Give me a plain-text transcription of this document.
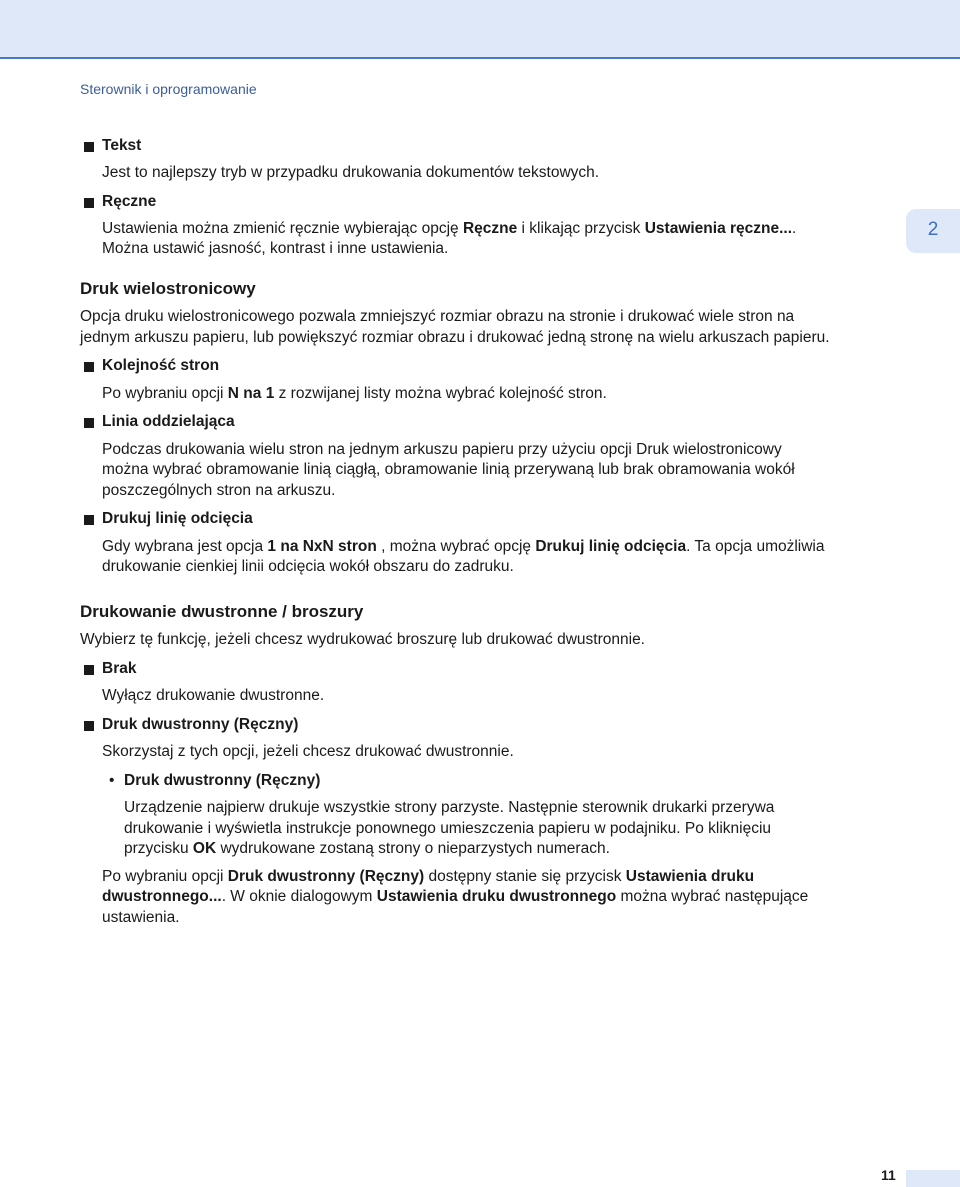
Sterownik i oprogramowanie
2

Tekst

Jest to najlepszy tryb w przypadku drukowania dokumentów tekstowych.

Ręczne

Ustawienia można zmienić ręcznie wybierając opcję Ręczne i klikając przycisk Ustawienia ręczne....
Można ustawić jasność, kontrast i inne ustawienia.

Druk wielostronicowy

Opcja druku wielostronicowego pozwala zmniejszyć rozmiar obrazu na stronie i drukować wiele stron na
jednym arkuszu papieru, lub powiększyć rozmiar obrazu i drukować jedną stronę na wielu arkuszach papieru.

Kolejność stron

Po wybraniu opcji N na 1 z rozwijanej listy można wybrać kolejność stron.

Linia oddzielająca

Podczas drukowania wielu stron na jednym arkuszu papieru przy użyciu opcji Druk wielostronicowy
można wybrać obramowanie linią ciągłą, obramowanie linią przerywaną lub brak obramowania wokół
poszczególnych stron na arkuszu.

Drukuj linię odcięcia

Gdy wybrana jest opcja 1 na NxN stron , można wybrać opcję Drukuj linię odcięcia. Ta opcja umożliwia
drukowanie cienkiej linii odcięcia wokół obszaru do zadruku.

Drukowanie dwustronne / broszury

Wybierz tę funkcję, jeżeli chcesz wydrukować broszurę lub drukować dwustronnie.

Brak

Wyłącz drukowanie dwustronne.

Druk dwustronny (Ręczny)

Skorzystaj z tych opcji, jeżeli chcesz drukować dwustronnie.

• Druk dwustronny (Ręczny)

Urządzenie najpierw drukuje wszystkie strony parzyste. Następnie sterownik drukarki przerywa
drukowanie i wyświetla instrukcje ponownego umieszczenia papieru w podajniku. Po kliknięciu
przycisku OK wydrukowane zostaną strony o nieparzystych numerach.

Po wybraniu opcji Druk dwustronny (Ręczny) dostępny stanie się przycisk Ustawienia druku
dwustronnego.... W oknie dialogowym Ustawienia druku dwustronnego można wybrać następujące
ustawienia.

11
